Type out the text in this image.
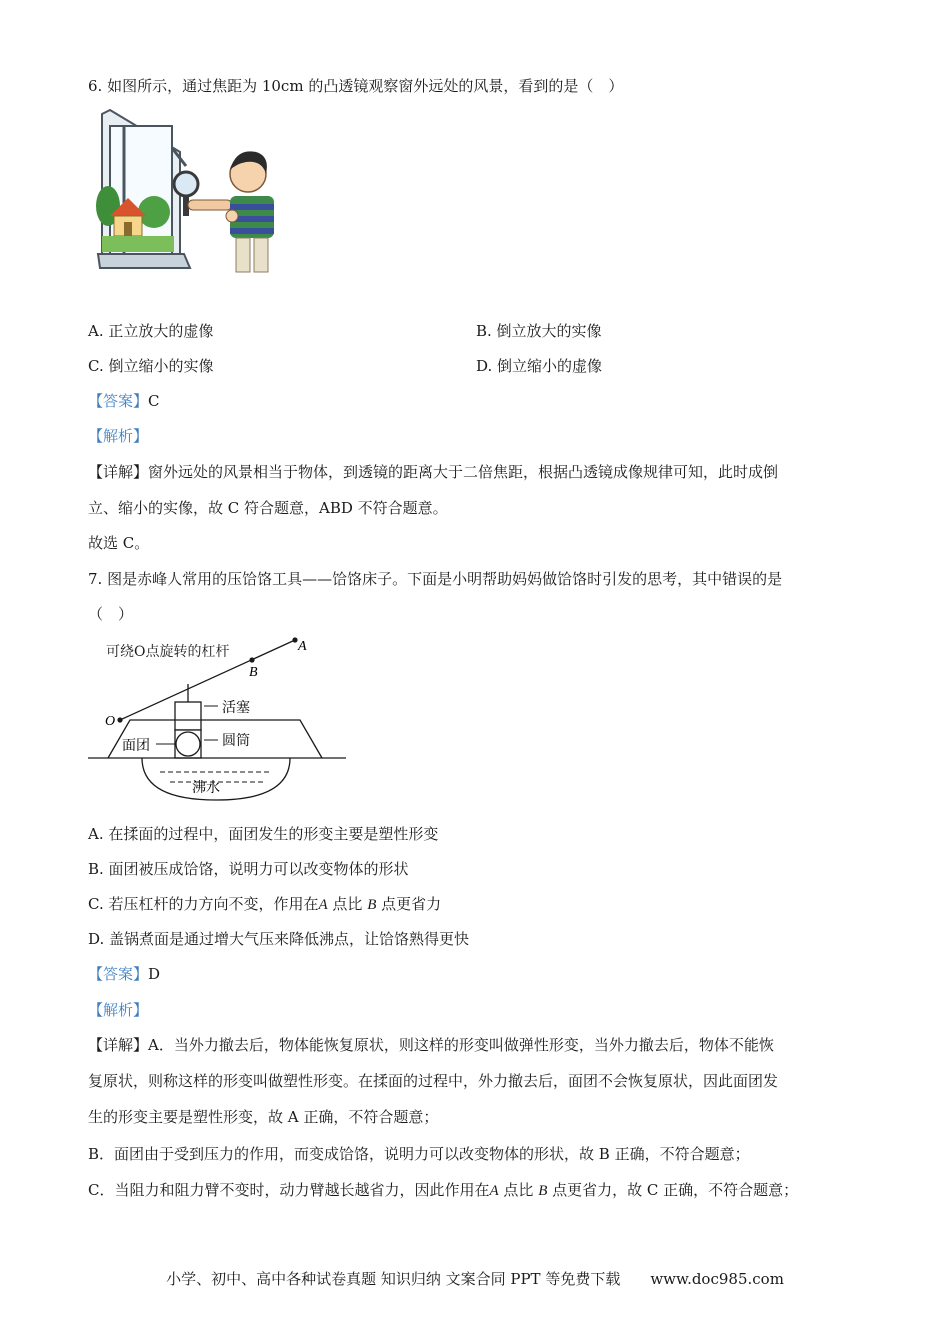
6. 如图所示，通过焦距为 10cm 的凸透镜观察窗外远处的风景，看到的是（　）
A. 正立放大的虚像	B. 倒立放大的实像
C. 倒立缩小的实像	D. 倒立缩小的虚像
【答案】C
【解析】
【详解】窗外远处的风景相当于物体，到透镜的距离大于二倍焦距，根据凸透镜成像规律可知，此时成倒
立、缩小的实像，故 C 符合题意，ABD 不符合题意。
故选 C。
7. 图是赤峰人常用的压饸饹工具——饸饹床子。下面是小明帮助妈妈做饸饹时引发的思考，其中错误的是
（　）
可绕O点旋转的杠杆	A
B
O
活塞
圆筒
面团
沸水
A. 在揉面的过程中，面团发生的形变主要是塑性形变
B. 面团被压成饸饹，说明力可以改变物体的形状
C. 若压杠杆的力方向不变，作用在A 点比 B 点更省力
D. 盖锅煮面是通过增大气压来降低沸点，让饸饹熟得更快
【答案】D
【解析】
【详解】A．当外力撤去后，物体能恢复原状，则这样的形变叫做弹性形变，当外力撤去后，物体不能恢
复原状，则称这样的形变叫做塑性形变。在揉面的过程中，外力撤去后，面团不会恢复原状，因此面团发
生的形变主要是塑性形变，故 A 正确，不符合题意；
B．面团由于受到压力的作用，而变成饸饹，说明力可以改变物体的形状，故 B 正确，不符合题意；
C．当阻力和阻力臂不变时，动力臂越长越省力，因此作用在A 点比 B 点更省力，故 C 正确，不符合题意；
小学、初中、高中各种试卷真题 知识归纳 文案合同 PPT 等免费下载　　www.doc985.com
